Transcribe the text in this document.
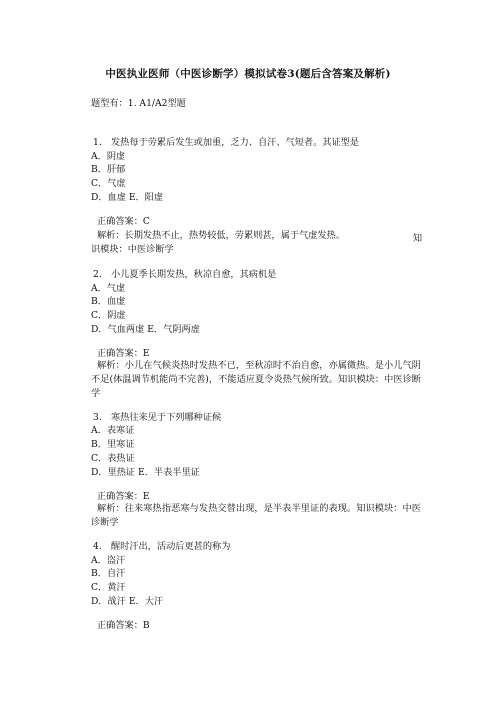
中医执业医师（中医诊断学）模拟试卷3(题后含答案及解析)
题型有：1. A1/A2型题
1.　发热每于劳累后发生或加重，乏力、自汗、气短者。其证型是
A．阴虚
B．肝郁
C．气虚
D．血虚 E．阳虚
正确答案：C
解析：长期发热不止，热势较低，劳累则甚，属于气虚发热。	知
识模块：中医诊断学
2.　小儿夏季长期发热，秋凉自愈，其病机是
A．气虚
B．血虚
C．阴虚
D．气血两虚 E．气阴两虚
正确答案：E
解析：小儿在气候炎热时发热不已，至秋凉时不治自愈，亦属微热。是小儿气阴不足(体温调节机能尚不完善)，不能适应夏令炎热气候所致。知识模块：中医诊断学
3.　寒热往来见于下列哪种证候
A．表寒证
B．里寒证
C．表热证
D．里热证 E．半表半里证
正确答案：E
解析：往来寒热指恶寒与发热交替出现，是半表半里证的表现。知识模块：中医诊断学
4.　醒时汗出，活动后更甚的称为
A．盗汗
B．自汗
C．黄汗
D．战汗 E．大汗
正确答案：B
